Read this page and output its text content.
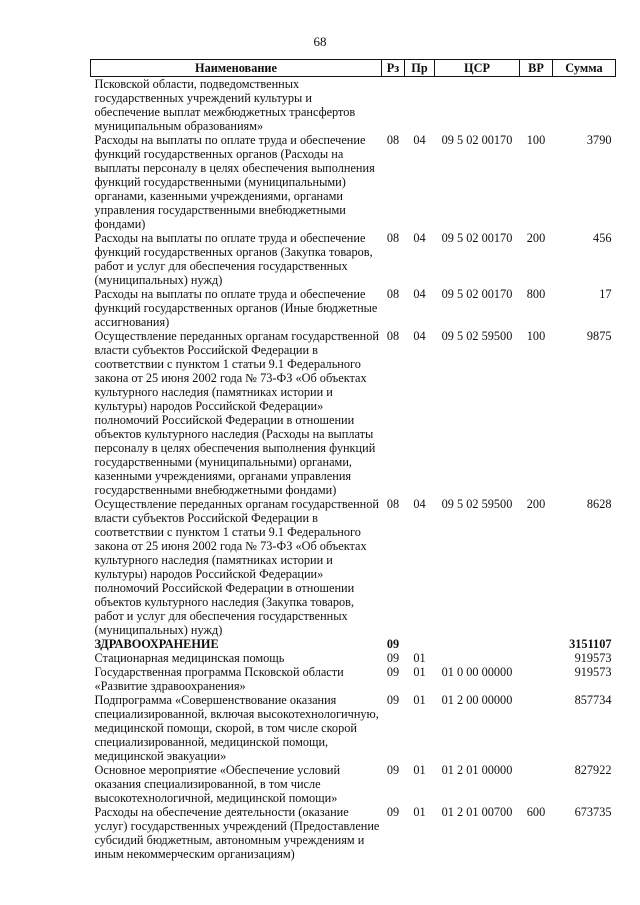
68
Наименование	Рз	Пр	ЦСР	ВР	Сумма
Псковской области, подведомственных государственных учреждений культуры и обеспечение выплат межбюджетных трансфертов муниципальным образованиям»					
Расходы на выплаты по оплате труда и обеспечение функций государственных органов (Расходы на выплаты персоналу в целях обеспечения выполнения функций государственными (муниципальными) органами, казенными учреждениями, органами управления государственными внебюджетными фондами)	08	04	09 5 02 00170	100	3790
Расходы на выплаты по оплате труда и обеспечение функций государственных органов (Закупка товаров, работ и услуг для обеспечения государственных (муниципальных) нужд)	08	04	09 5 02 00170	200	456
Расходы на выплаты по оплате труда и обеспечение функций государственных органов (Иные бюджетные ассигнования)	08	04	09 5 02 00170	800	17
Осуществление переданных органам государственной власти субъектов Российской Федерации в соответствии с пунктом 1 статьи 9.1 Федерального закона от 25 июня 2002 года № 73-ФЗ «Об объектах культурного наследия (памятниках истории и культуры) народов Российской Федерации» полномочий Российской Федерации в отношении объектов культурного наследия (Расходы на выплаты персоналу в целях обеспечения выполнения функций государственными (муниципальными) органами, казенными учреждениями, органами управления государственными внебюджетными фондами)	08	04	09 5 02 59500	100	9875
Осуществление переданных органам государственной власти субъектов Российской Федерации в соответствии с пунктом 1 статьи 9.1 Федерального закона от 25 июня 2002 года № 73-ФЗ «Об объектах культурного наследия (памятниках истории и культуры) народов Российской Федерации» полномочий Российской Федерации в отношении объектов культурного наследия (Закупка товаров, работ и услуг для обеспечения государственных (муниципальных) нужд)	08	04	09 5 02 59500	200	8628
ЗДРАВООХРАНЕНИЕ	09				3151107
Стационарная медицинская помощь	09	01			919573
Государственная программа Псковской области «Развитие здравоохранения»	09	01	01 0 00 00000		919573
Подпрограмма «Совершенствование оказания специализированной, включая высокотехнологичную, медицинской помощи, скорой, в том числе скорой специализированной, медицинской помощи, медицинской эвакуации»	09	01	01 2 00 00000		857734
Основное мероприятие «Обеспечение условий оказания специализированной, в том числе высокотехнологичной, медицинской помощи»	09	01	01 2 01 00000		827922
Расходы на обеспечение деятельности (оказание услуг) государственных учреждений (Предоставление субсидий бюджетным, автономным учреждениям и иным некоммерческим организациям)	09	01	01 2 01 00700	600	673735
